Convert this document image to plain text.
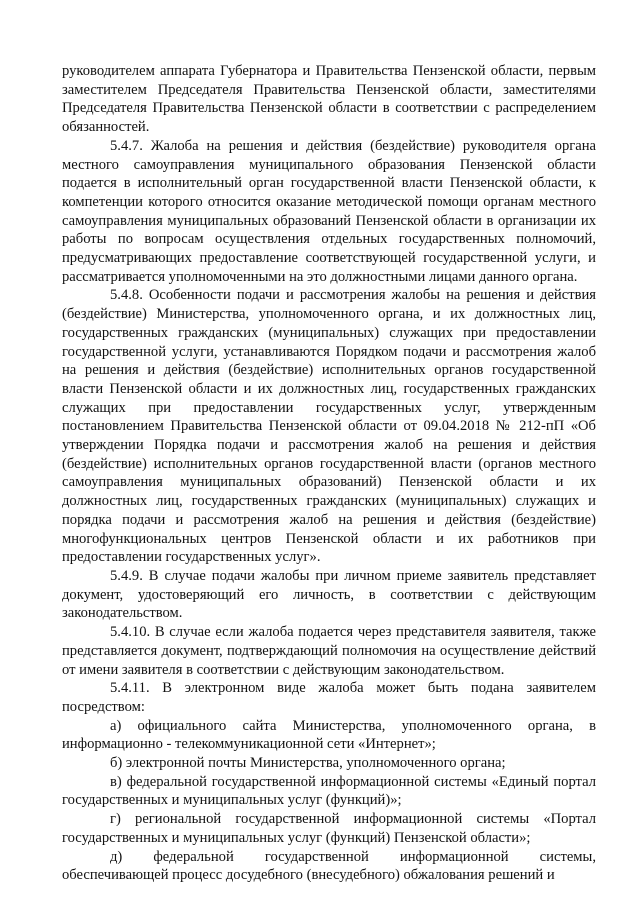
руководителем аппарата Губернатора и Правительства Пензенской области, первым заместителем Председателя Правительства Пензенской области, заместителями Председателя Правительства Пензенской области в соответствии с распределением обязанностей.

5.4.7. Жалоба на решения и действия (бездействие) руководителя органа местного самоуправления муниципального образования Пензенской области подается в исполнительный орган государственной власти Пензенской области, к компетенции которого относится оказание методической помощи органам местного самоуправления муниципальных образований Пензенской области в организации их работы по вопросам осуществления отдельных государственных полномочий, предусматривающих предоставление соответствующей государственной услуги, и рассматривается уполномоченными на это должностными лицами данного органа.

5.4.8. Особенности подачи и рассмотрения жалобы на решения и действия (бездействие) Министерства, уполномоченного органа, и их должностных лиц, государственных гражданских (муниципальных) служащих при предоставлении государственной услуги, устанавливаются Порядком подачи и рассмотрения жалоб на решения и действия (бездействие) исполнительных органов государственной власти Пензенской области и их должностных лиц, государственных гражданских служащих при предоставлении государственных услуг, утвержденным постановлением Правительства Пензенской области от 09.04.2018 № 212-пП «Об утверждении Порядка подачи и рассмотрения жалоб на решения и действия (бездействие) исполнительных органов государственной власти (органов местного самоуправления муниципальных образований) Пензенской области и их должностных лиц, государственных гражданских (муниципальных) служащих и порядка подачи и рассмотрения жалоб на решения и действия (бездействие) многофункциональных центров Пензенской области и их работников при предоставлении государственных услуг».

5.4.9. В случае подачи жалобы при личном приеме заявитель представляет документ, удостоверяющий его личность, в соответствии с действующим законодательством.

5.4.10. В случае если жалоба подается через представителя заявителя, также представляется документ, подтверждающий полномочия на осуществление действий от имени заявителя в соответствии с действующим законодательством.

5.4.11. В электронном виде жалоба может быть подана заявителем посредством:

а) официального сайта Министерства, уполномоченного органа, в информационно - телекоммуникационной сети «Интернет»;

б) электронной почты Министерства, уполномоченного органа;

в) федеральной государственной информационной системы «Единый портал государственных и муниципальных услуг (функций)»;

г) региональной государственной информационной системы «Портал государственных и муниципальных услуг (функций) Пензенской области»;

д) федеральной государственной информационной системы, обеспечивающей процесс досудебного (внесудебного) обжалования решений и
